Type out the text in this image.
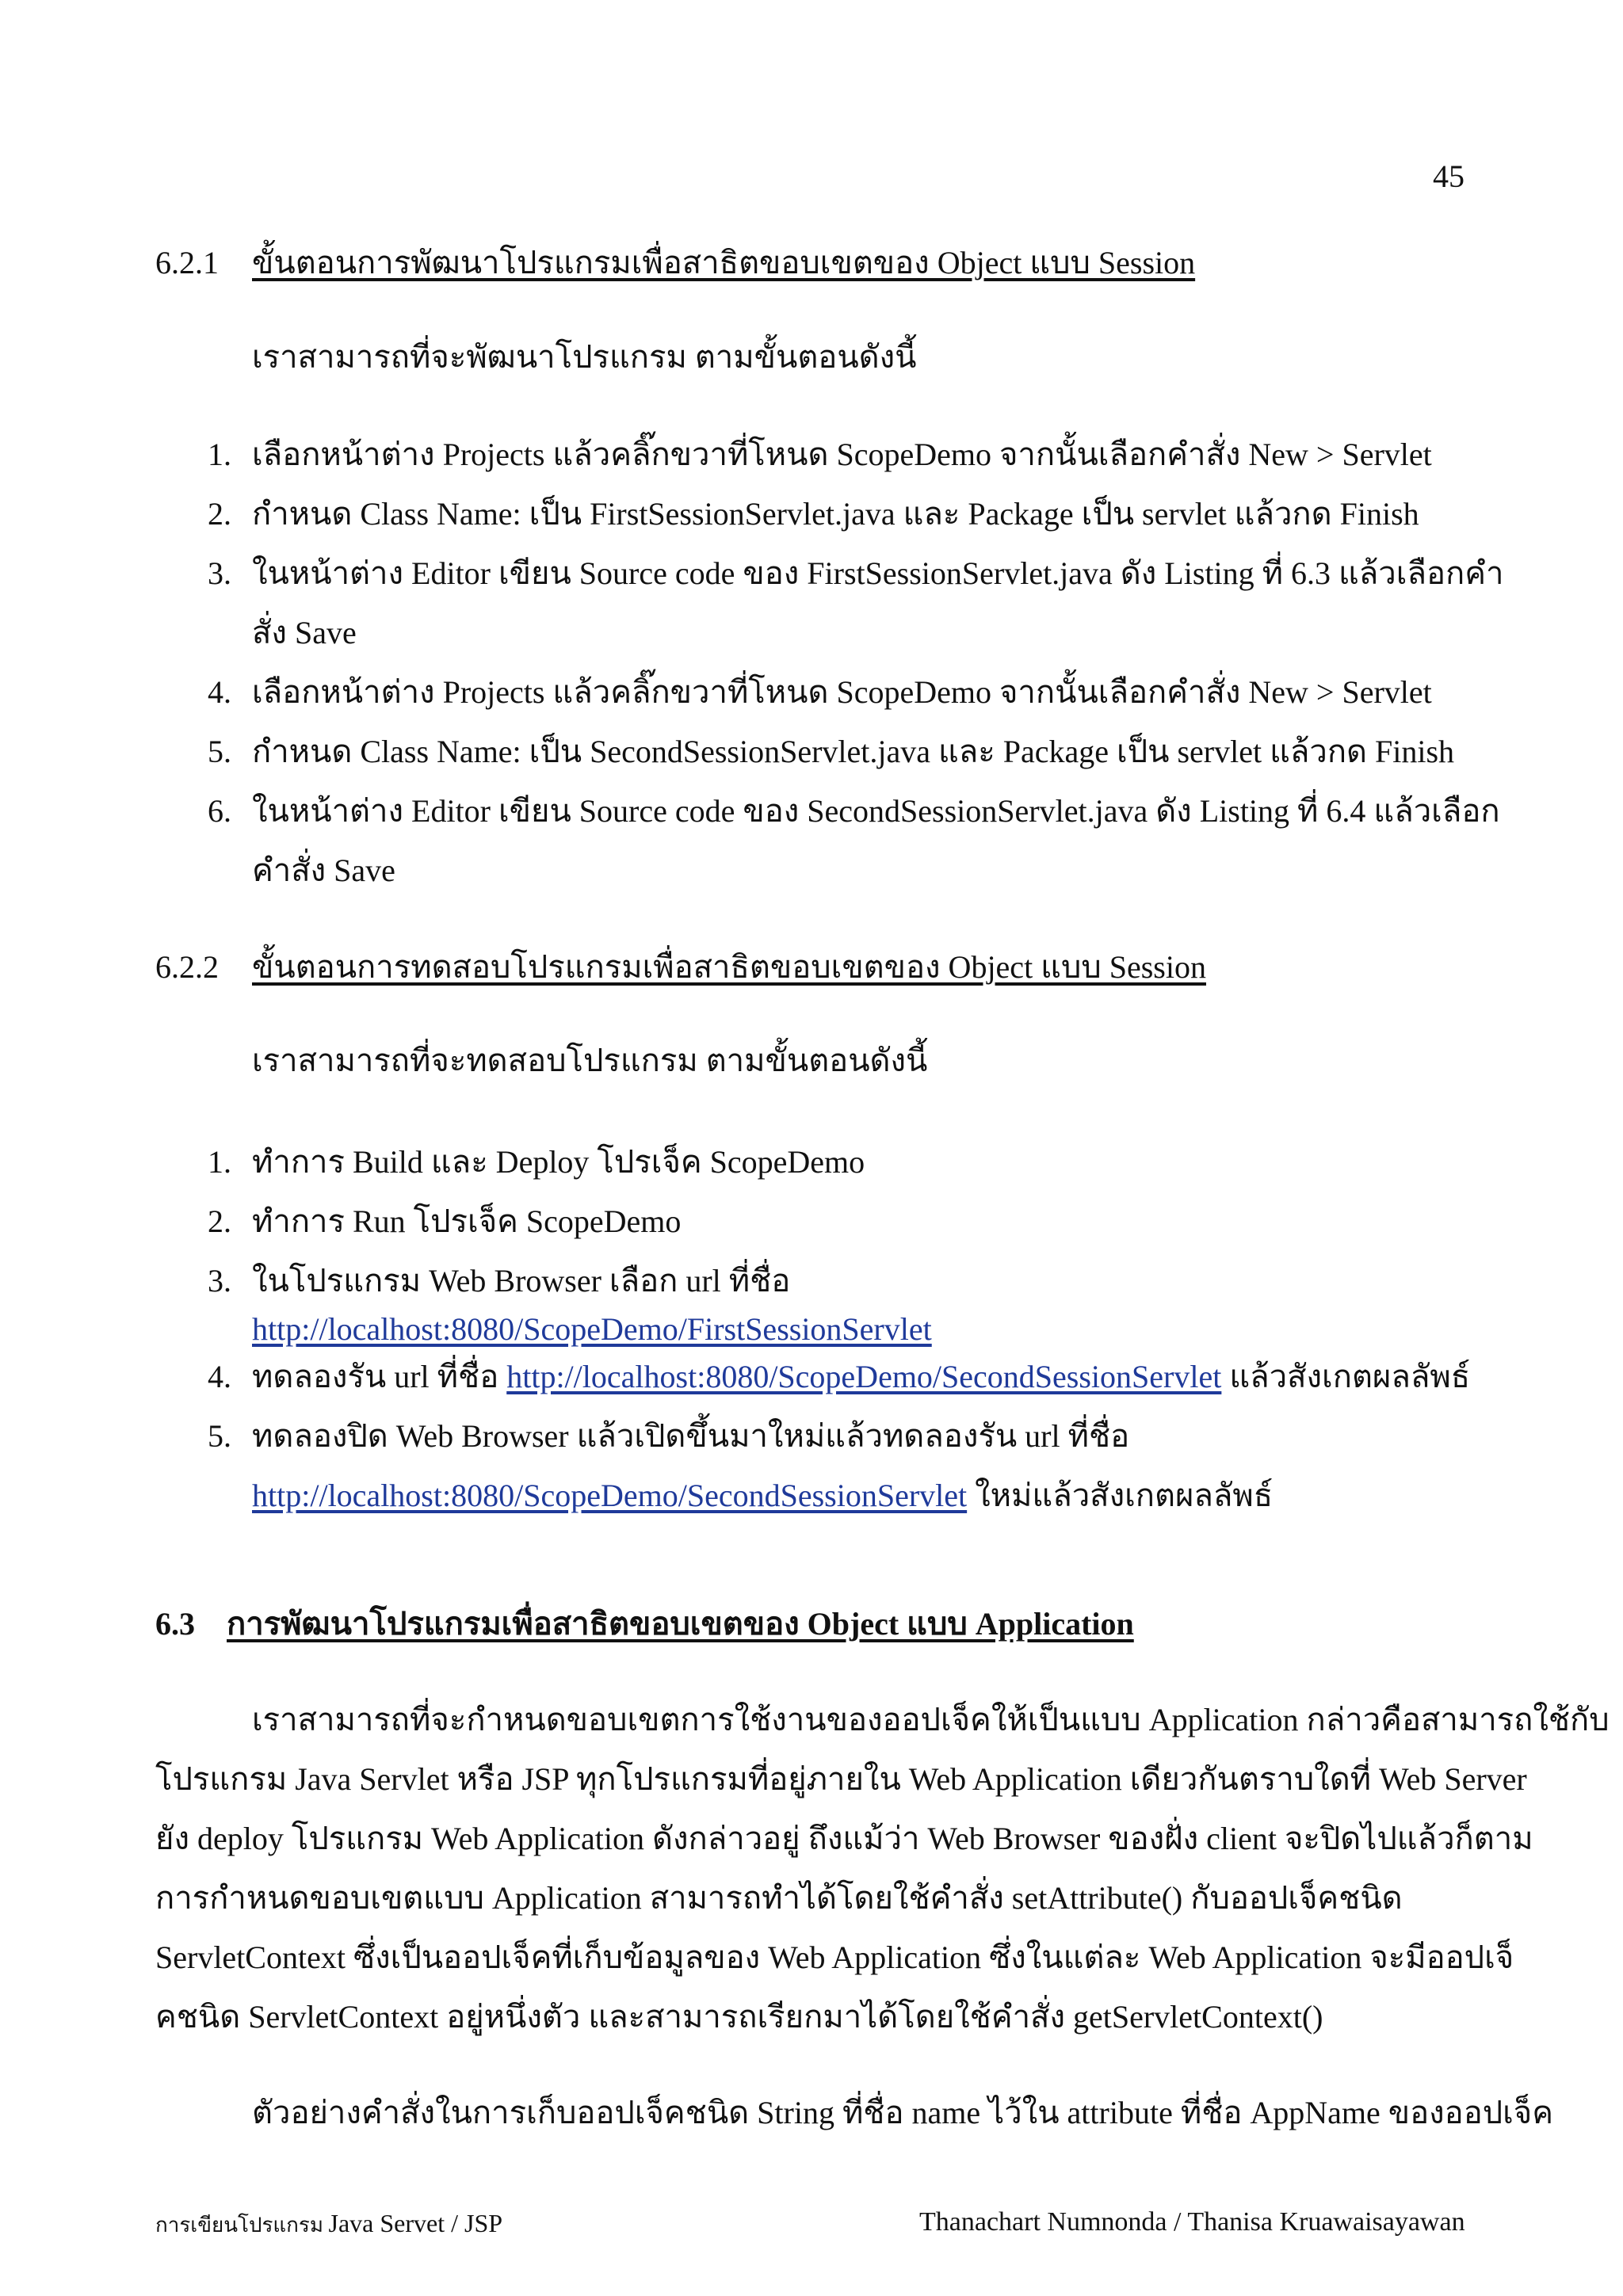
45
6.2.1 ขั้นตอนการพัฒนาโปรแกรมเพื่อสาธิตขอบเขตของ Object แบบ Session
เราสามารถที่จะพัฒนาโปรแกรม ตามขั้นตอนดังนี้
1. เลือกหน้าต่าง Projects แล้วคลิ๊กขวาที่โหนด ScopeDemo จากนั้นเลือกคำสั่ง New > Servlet
2. กำหนด Class Name: เป็น FirstSessionServlet.java และ Package เป็น servlet แล้วกด Finish
3. ในหน้าต่าง Editor เขียน Source code ของ FirstSessionServlet.java ดัง Listing ที่ 6.3 แล้วเลือกคำ
สั่ง Save
4. เลือกหน้าต่าง Projects แล้วคลิ๊กขวาที่โหนด ScopeDemo จากนั้นเลือกคำสั่ง New > Servlet
5. กำหนด Class Name: เป็น SecondSessionServlet.java และ Package เป็น servlet แล้วกด Finish
6. ในหน้าต่าง Editor เขียน Source code ของ SecondSessionServlet.java ดัง Listing ที่ 6.4 แล้วเลือก
คำสั่ง Save
6.2.2 ขั้นตอนการทดสอบโปรแกรมเพื่อสาธิตขอบเขตของ Object แบบ Session
เราสามารถที่จะทดสอบโปรแกรม ตามขั้นตอนดังนี้
1. ทำการ Build และ Deploy โปรเจ็ค ScopeDemo
2. ทำการ Run โปรเจ็ค ScopeDemo
3. ในโปรแกรม Web Browser เลือก url ที่ชื่อ
http://localhost:8080/ScopeDemo/FirstSessionServlet
4. ทดลองรัน url ที่ชื่อ http://localhost:8080/ScopeDemo/SecondSessionServlet แล้วสังเกตผลลัพธ์
5. ทดลองปิด Web Browser แล้วเปิดขึ้นมาใหม่แล้วทดลองรัน url ที่ชื่อ
http://localhost:8080/ScopeDemo/SecondSessionServlet ใหม่แล้วสังเกตผลลัพธ์
6.3 การพัฒนาโปรแกรมเพื่อสาธิตขอบเขตของ Object แบบ Application
เราสามารถที่จะกำหนดขอบเขตการใช้งานของออปเจ็คให้เป็นแบบ Application กล่าวคือสามารถใช้กับ
โปรแกรม Java Servlet หรือ JSP ทุกโปรแกรมที่อยู่ภายใน Web Application เดียวกันตราบใดที่ Web Server
ยัง deploy โปรแกรม Web Application ดังกล่าวอยู่ ถึงแม้ว่า Web Browser ของฝั่ง client จะปิดไปแล้วก็ตาม
การกำหนดขอบเขตแบบ Application สามารถทำได้โดยใช้คำสั่ง setAttribute() กับออปเจ็คชนิด
ServletContext ซึ่งเป็นออปเจ็คที่เก็บข้อมูลของ Web Application ซึ่งในแต่ละ Web Application จะมีออปเจ็
คชนิด ServletContext อยู่หนึ่งตัว และสามารถเรียกมาได้โดยใช้คำสั่ง getServletContext()
ตัวอย่างคำสั่งในการเก็บออปเจ็คชนิด String ที่ชื่อ name ไว้ใน attribute ที่ชื่อ AppName ของออปเจ็ค
การเขียนโปรแกรม Java Servet / JSP	Thanachart Numnonda / Thanisa Kruawaisayawan
